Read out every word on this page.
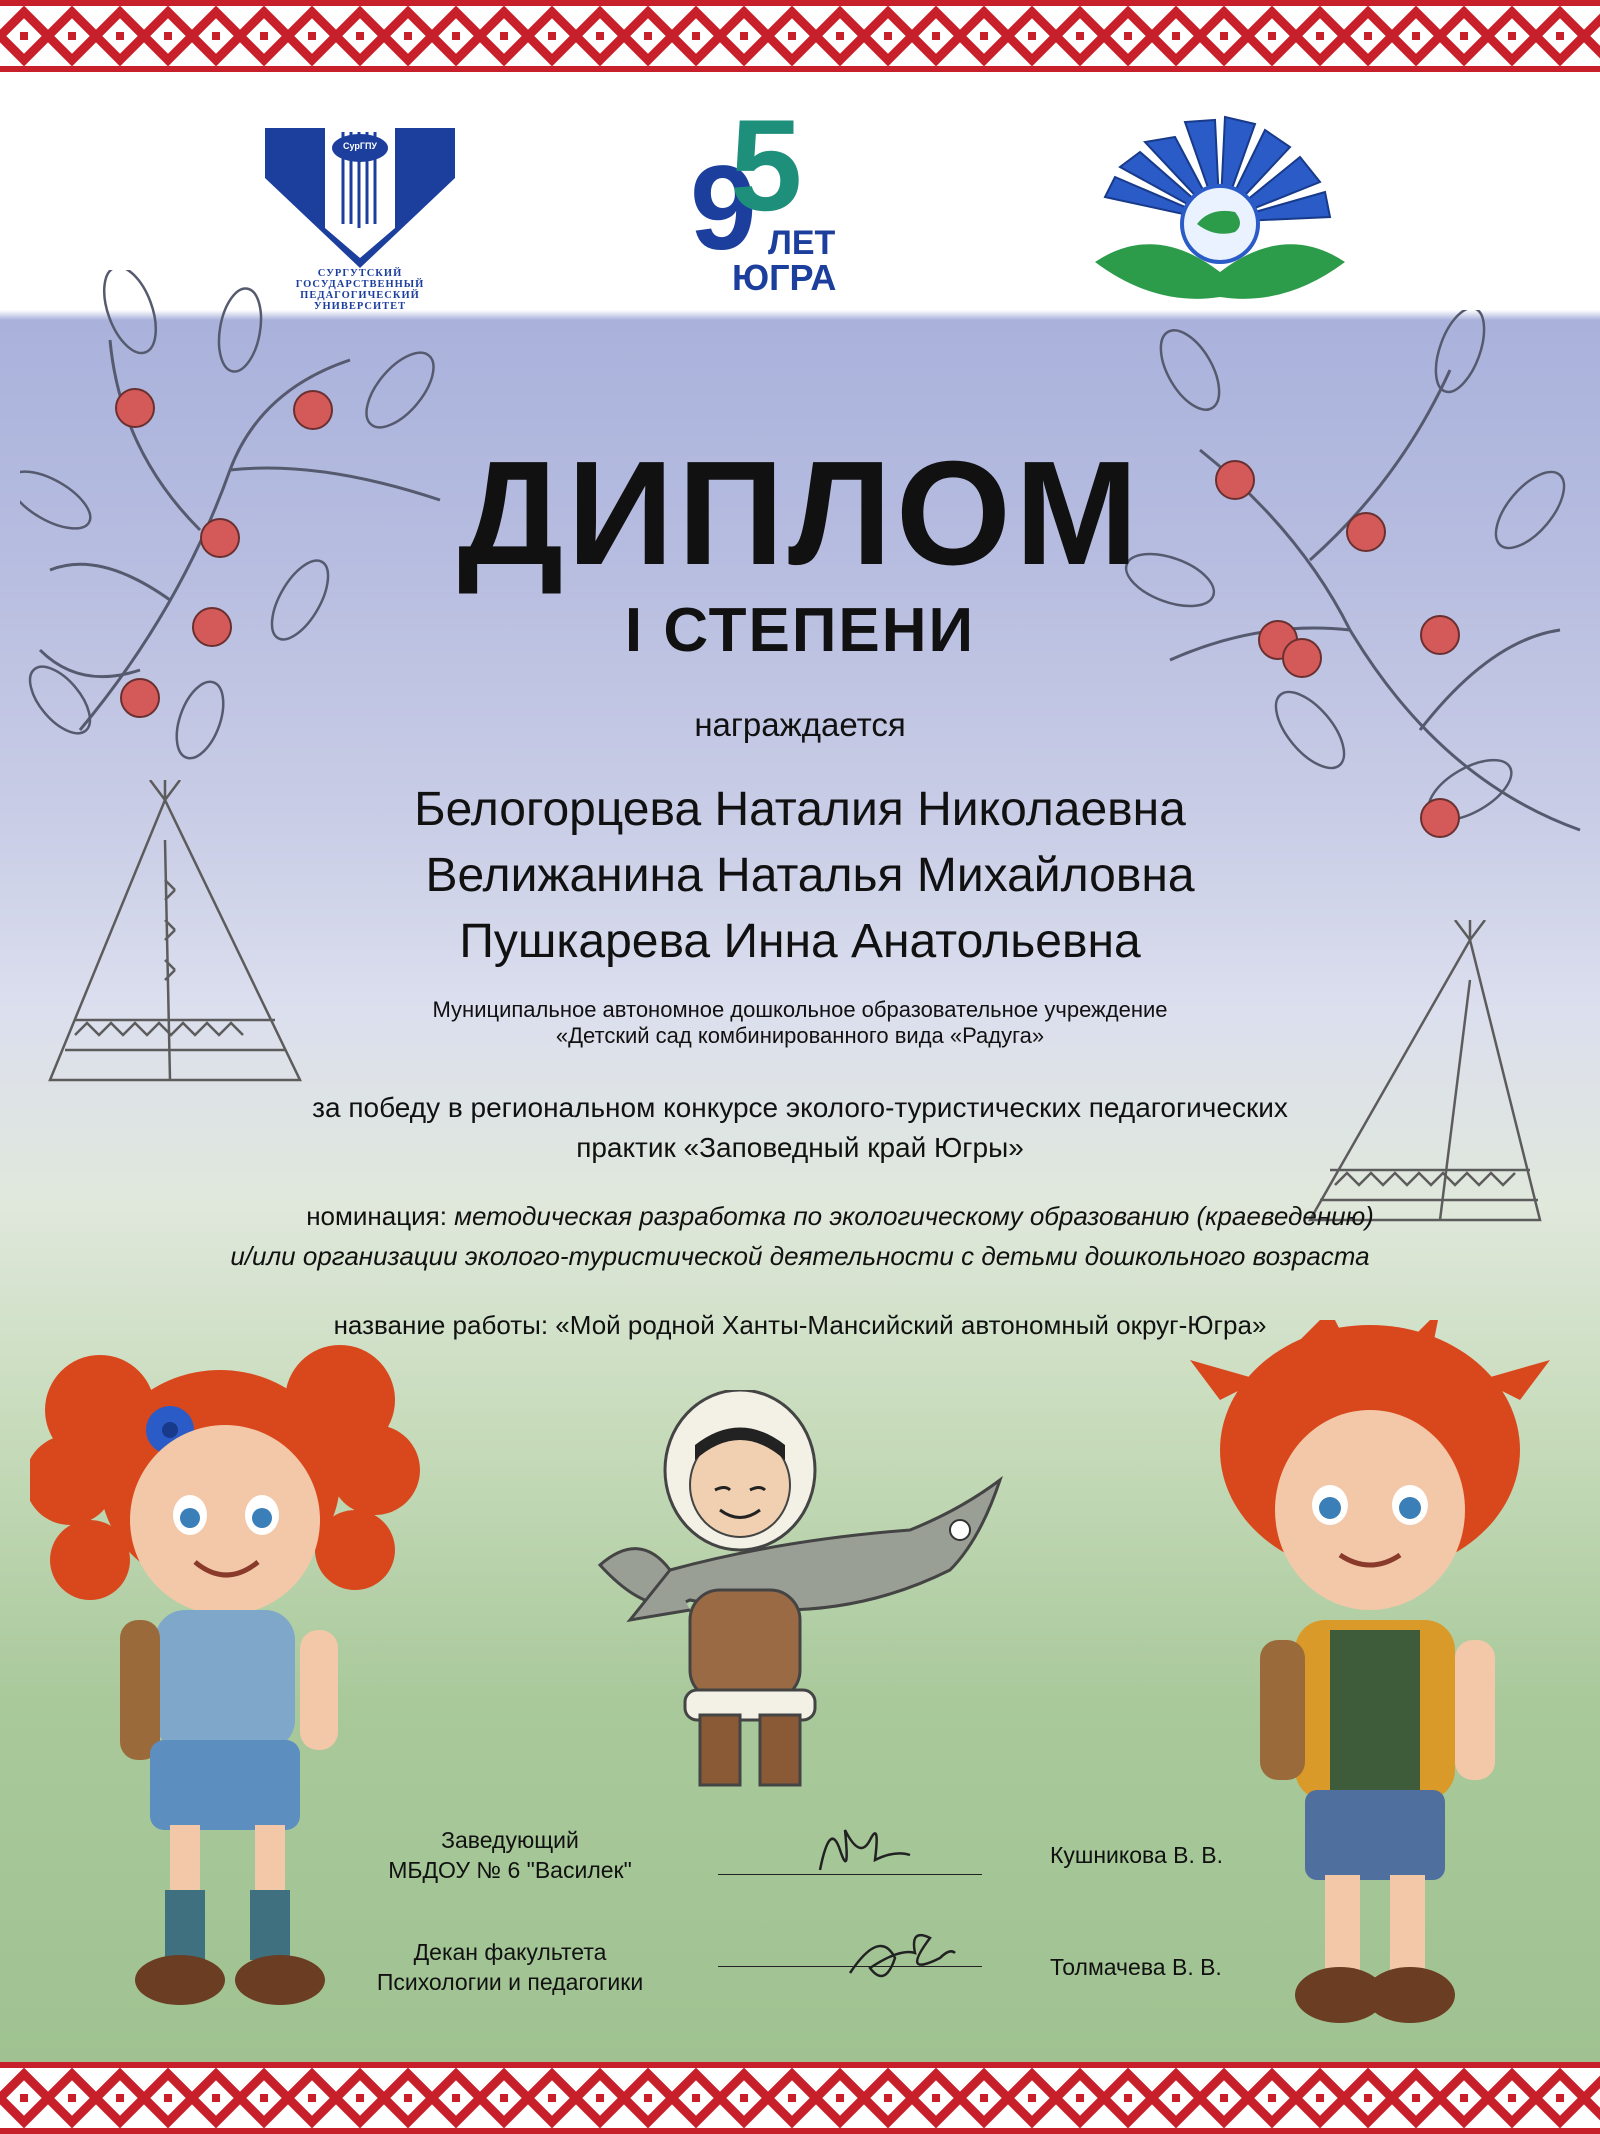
СурГПУ
СУРГУТСКИЙ
ГОСУДАРСТВЕННЫЙ
ПЕДАГОГИЧЕСКИЙ
УНИВЕРСИТЕТ
9
5
ЛЕТ
ЮГРА
ДИПЛОМ
I СТЕПЕНИ
награждается
Белогорцева Наталия Николаевна
Велижанина Наталья Михайловна
Пушкарева Инна Анатольевна
Муниципальное автономное дошкольное образовательное учреждение
«Детский сад комбинированного вида «Радуга»
за победу в региональном конкурсе эколого-туристических педагогических
практик «Заповедный край Югры»
номинация: методическая разработка по экологическому образованию (краеведению)
и/или организации эколого-туристической деятельности с детьми дошкольного возраста
название работы: «Мой родной Ханты-Мансийский автономный округ-Югра»
Заведующий
МБДОУ № 6 "Василек"
Кушникова В. В.
Декан факультета
Психологии и педагогики
Толмачева В. В.
